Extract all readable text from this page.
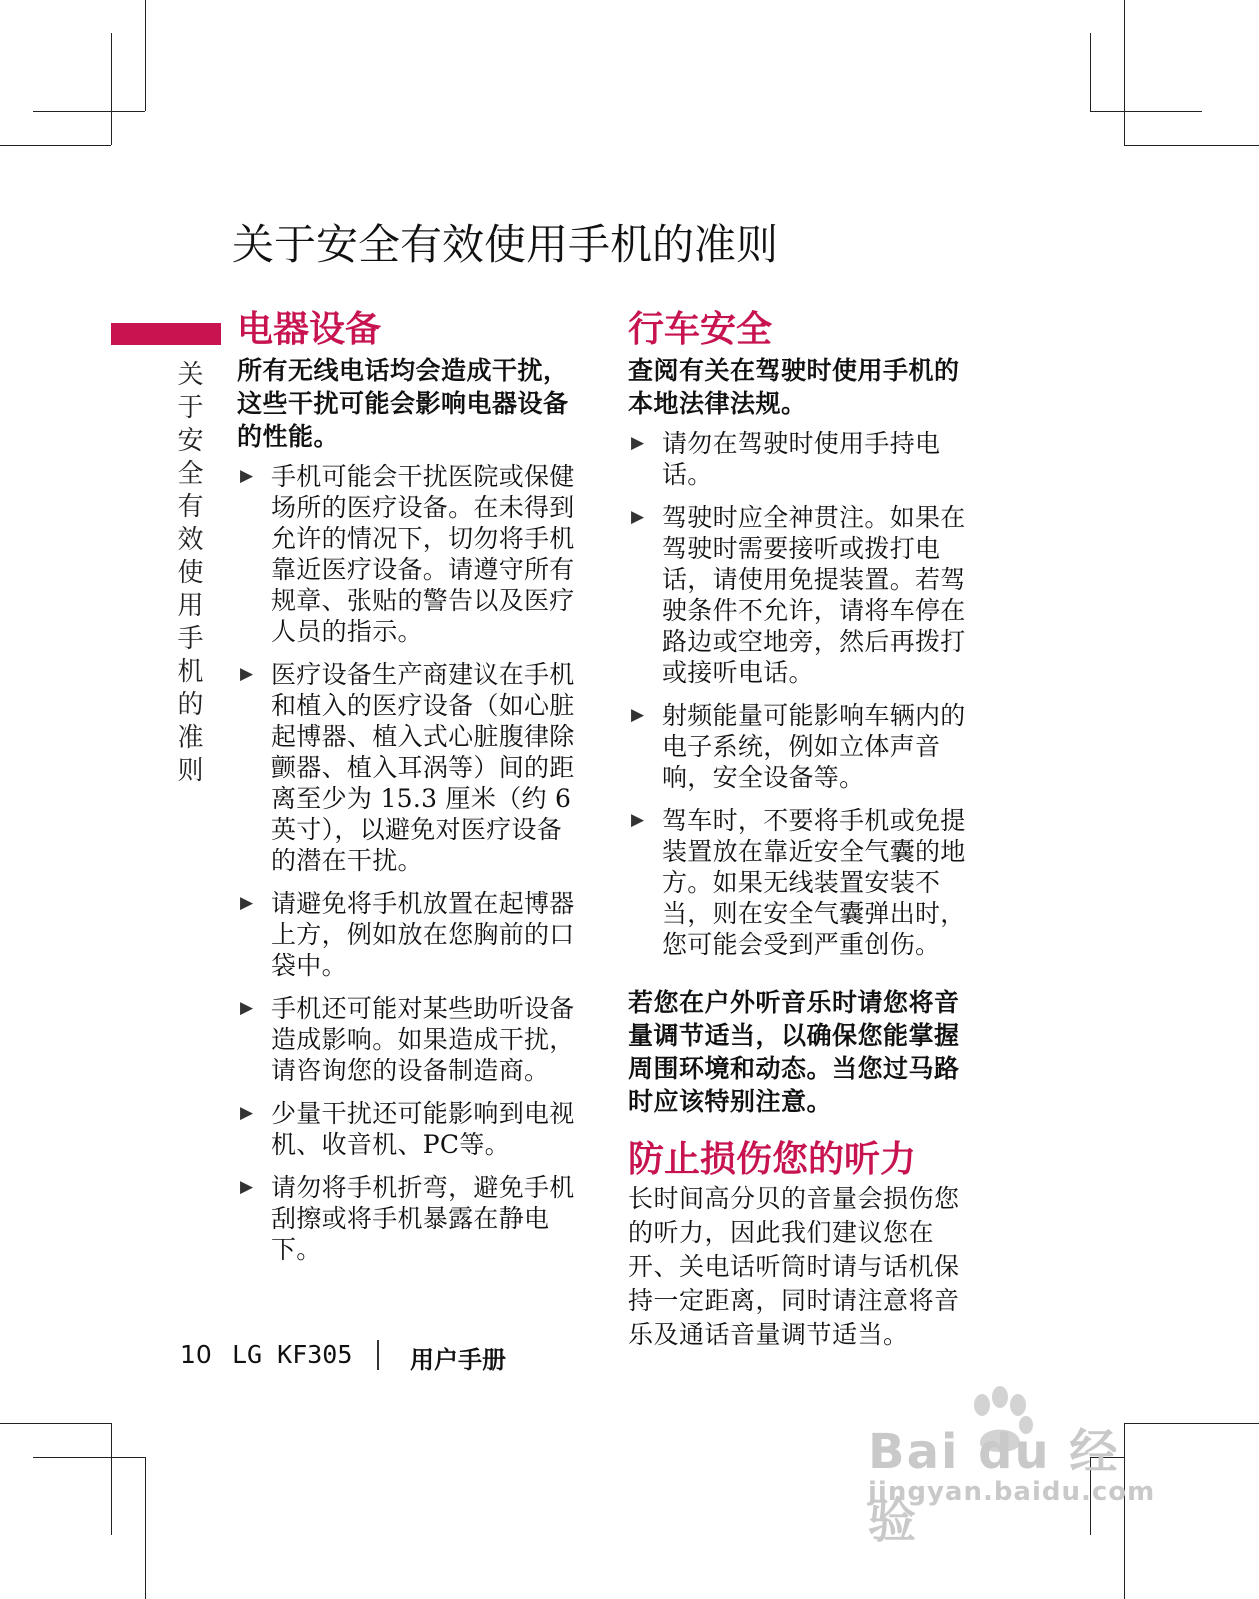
关于安全有效使用手机的准则
关于安全有效使用手机的准则
电器设备
所有无线电话均会造成干扰，这些干扰可能会影响电器设备的性能。
▶ 手机可能会干扰医院或保健场所的医疗设备。在未得到允许的情况下，切勿将手机靠近医疗设备。请遵守所有规章、张贴的警告以及医疗人员的指示。
▶ 医疗设备生产商建议在手机和植入的医疗设备（如心脏起博器、植入式心脏腹律除颤器、植入耳涡等）间的距离至少为 15.3 厘米（约 6 英寸），以避免对医疗设备的潜在干扰。
▶ 请避免将手机放置在起博器上方，例如放在您胸前的口袋中。
▶ 手机还可能对某些助听设备造成影响。如果造成干扰，请咨询您的设备制造商。
▶ 少量干扰还可能影响到电视机、收音机、PC等。
▶ 请勿将手机折弯，避免手机刮擦或将手机暴露在静电下。
行车安全
查阅有关在驾驶时使用手机的本地法律法规。
▶ 请勿在驾驶时使用手持电话。
▶ 驾驶时应全神贯注。如果在驾驶时需要接听或拨打电话，请使用免提装置。若驾驶条件不允许，请将车停在路边或空地旁，然后再拨打或接听电话。
▶ 射频能量可能影响车辆内的电子系统，例如立体声音响，安全设备等。
▶ 驾车时，不要将手机或免提装置放在靠近安全气囊的地方。如果无线装置安装不当，则在安全气囊弹出时，您可能会受到严重创伤。
若您在户外听音乐时请您将音量调节适当，以确保您能掌握周围环境和动态。当您过马路时应该特别注意。
防止损伤您的听力

长时间高分贝的音量会损伤您的听力，因此我们建议您在开、关电话听筒时请与话机保持一定距离，同时请注意将音乐及通话音量调节适当。

10 LG KF305 用户手册
Bai du 经验
jingyan.baidu.com
